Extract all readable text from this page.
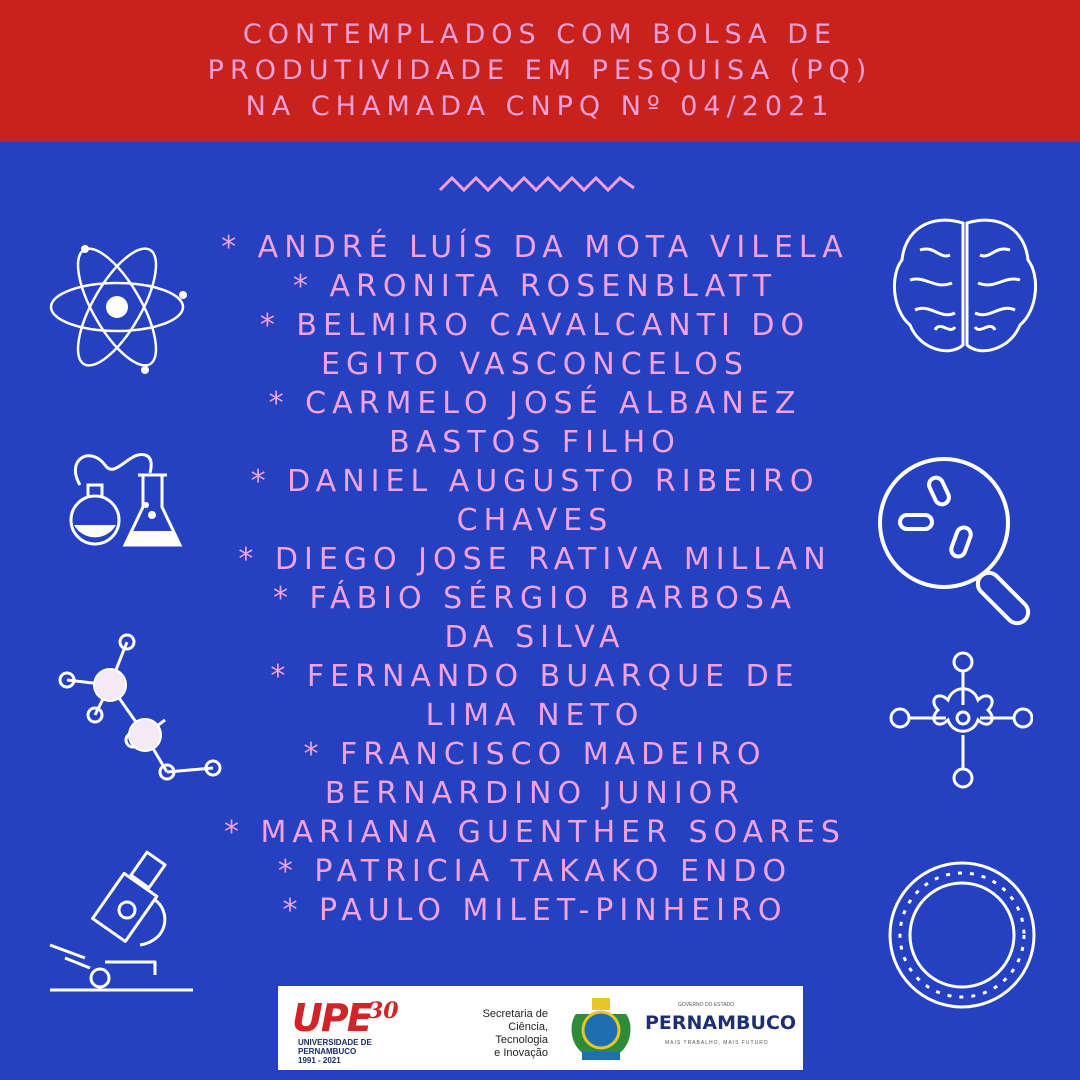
CONTEMPLADOS COM BOLSA DE
PRODUTIVIDADE EM PESQUISA (PQ)
NA CHAMADA CNPQ Nº 04/2021
* ANDRÉ LUÍS DA MOTA VILELA
* ARONITA ROSENBLATT
* BELMIRO CAVALCANTI DO
EGITO VASCONCELOS
* CARMELO JOSÉ ALBANEZ
BASTOS FILHO
* DANIEL AUGUSTO RIBEIRO
CHAVES
* DIEGO JOSE RATIVA MILLAN
* FÁBIO SÉRGIO BARBOSA
DA SILVA
* FERNANDO BUARQUE DE
LIMA NETO
* FRANCISCO MADEIRO
BERNARDINO JUNIOR
* MARIANA GUENTHER SOARES
* PATRICIA TAKAKO ENDO
* PAULO MILET-PINHEIRO
UPE
30
UNIVERSIDADE DE PERNAMBUCO
1991 - 2021
Secretaria de
Ciência, Tecnologia
e Inovação
GOVERNO DO ESTADO
PERNAMBUCO
MAIS TRABALHO, MAIS FUTURO
